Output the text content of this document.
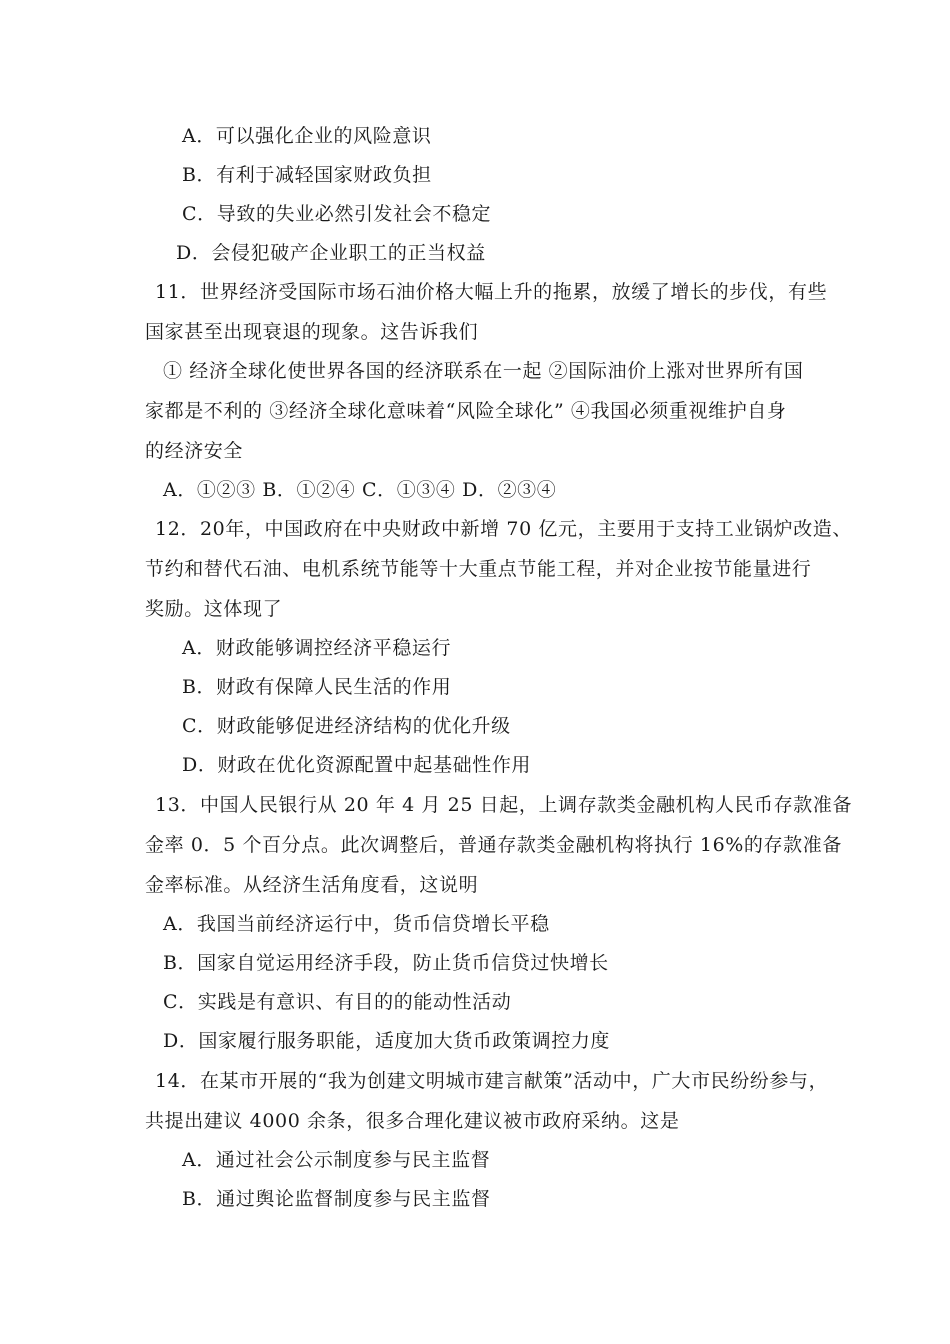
A．可以强化企业的风险意识
B．有利于减轻国家财政负担
C．导致的失业必然引发社会不稳定
D．会侵犯破产企业职工的正当权益
11．世界经济受国际市场石油价格大幅上升的拖累，放缓了增长的步伐，有些
国家甚至出现衰退的现象。这告诉我们
① 经济全球化使世界各国的经济联系在一起 ②国际油价上涨对世界所有国
家都是不利的 ③经济全球化意味着“风险全球化” ④我国必须重视维护自身
的经济安全
A．①②③ B．①②④ C．①③④ D．②③④
12．20年，中国政府在中央财政中新增 70 亿元，主要用于支持工业锅炉改造、
节约和替代石油、电机系统节能等十大重点节能工程，并对企业按节能量进行
奖励。这体现了
A．财政能够调控经济平稳运行
B．财政有保障人民生活的作用
C．财政能够促进经济结构的优化升级
D．财政在优化资源配置中起基础性作用
13．中国人民银行从 20 年 4 月 25 日起，上调存款类金融机构人民币存款准备
金率 0．5 个百分点。此次调整后，普通存款类金融机构将执行 16%的存款准备
金率标准。从经济生活角度看，这说明
A．我国当前经济运行中，货币信贷增长平稳
B．国家自觉运用经济手段，防止货币信贷过快增长
C．实践是有意识、有目的的能动性活动
D．国家履行服务职能，适度加大货币政策调控力度
14．在某市开展的“我为创建文明城市建言献策”活动中，广大市民纷纷参与，
共提出建议 4000 余条，很多合理化建议被市政府采纳。这是
A．通过社会公示制度参与民主监督
B．通过舆论监督制度参与民主监督
